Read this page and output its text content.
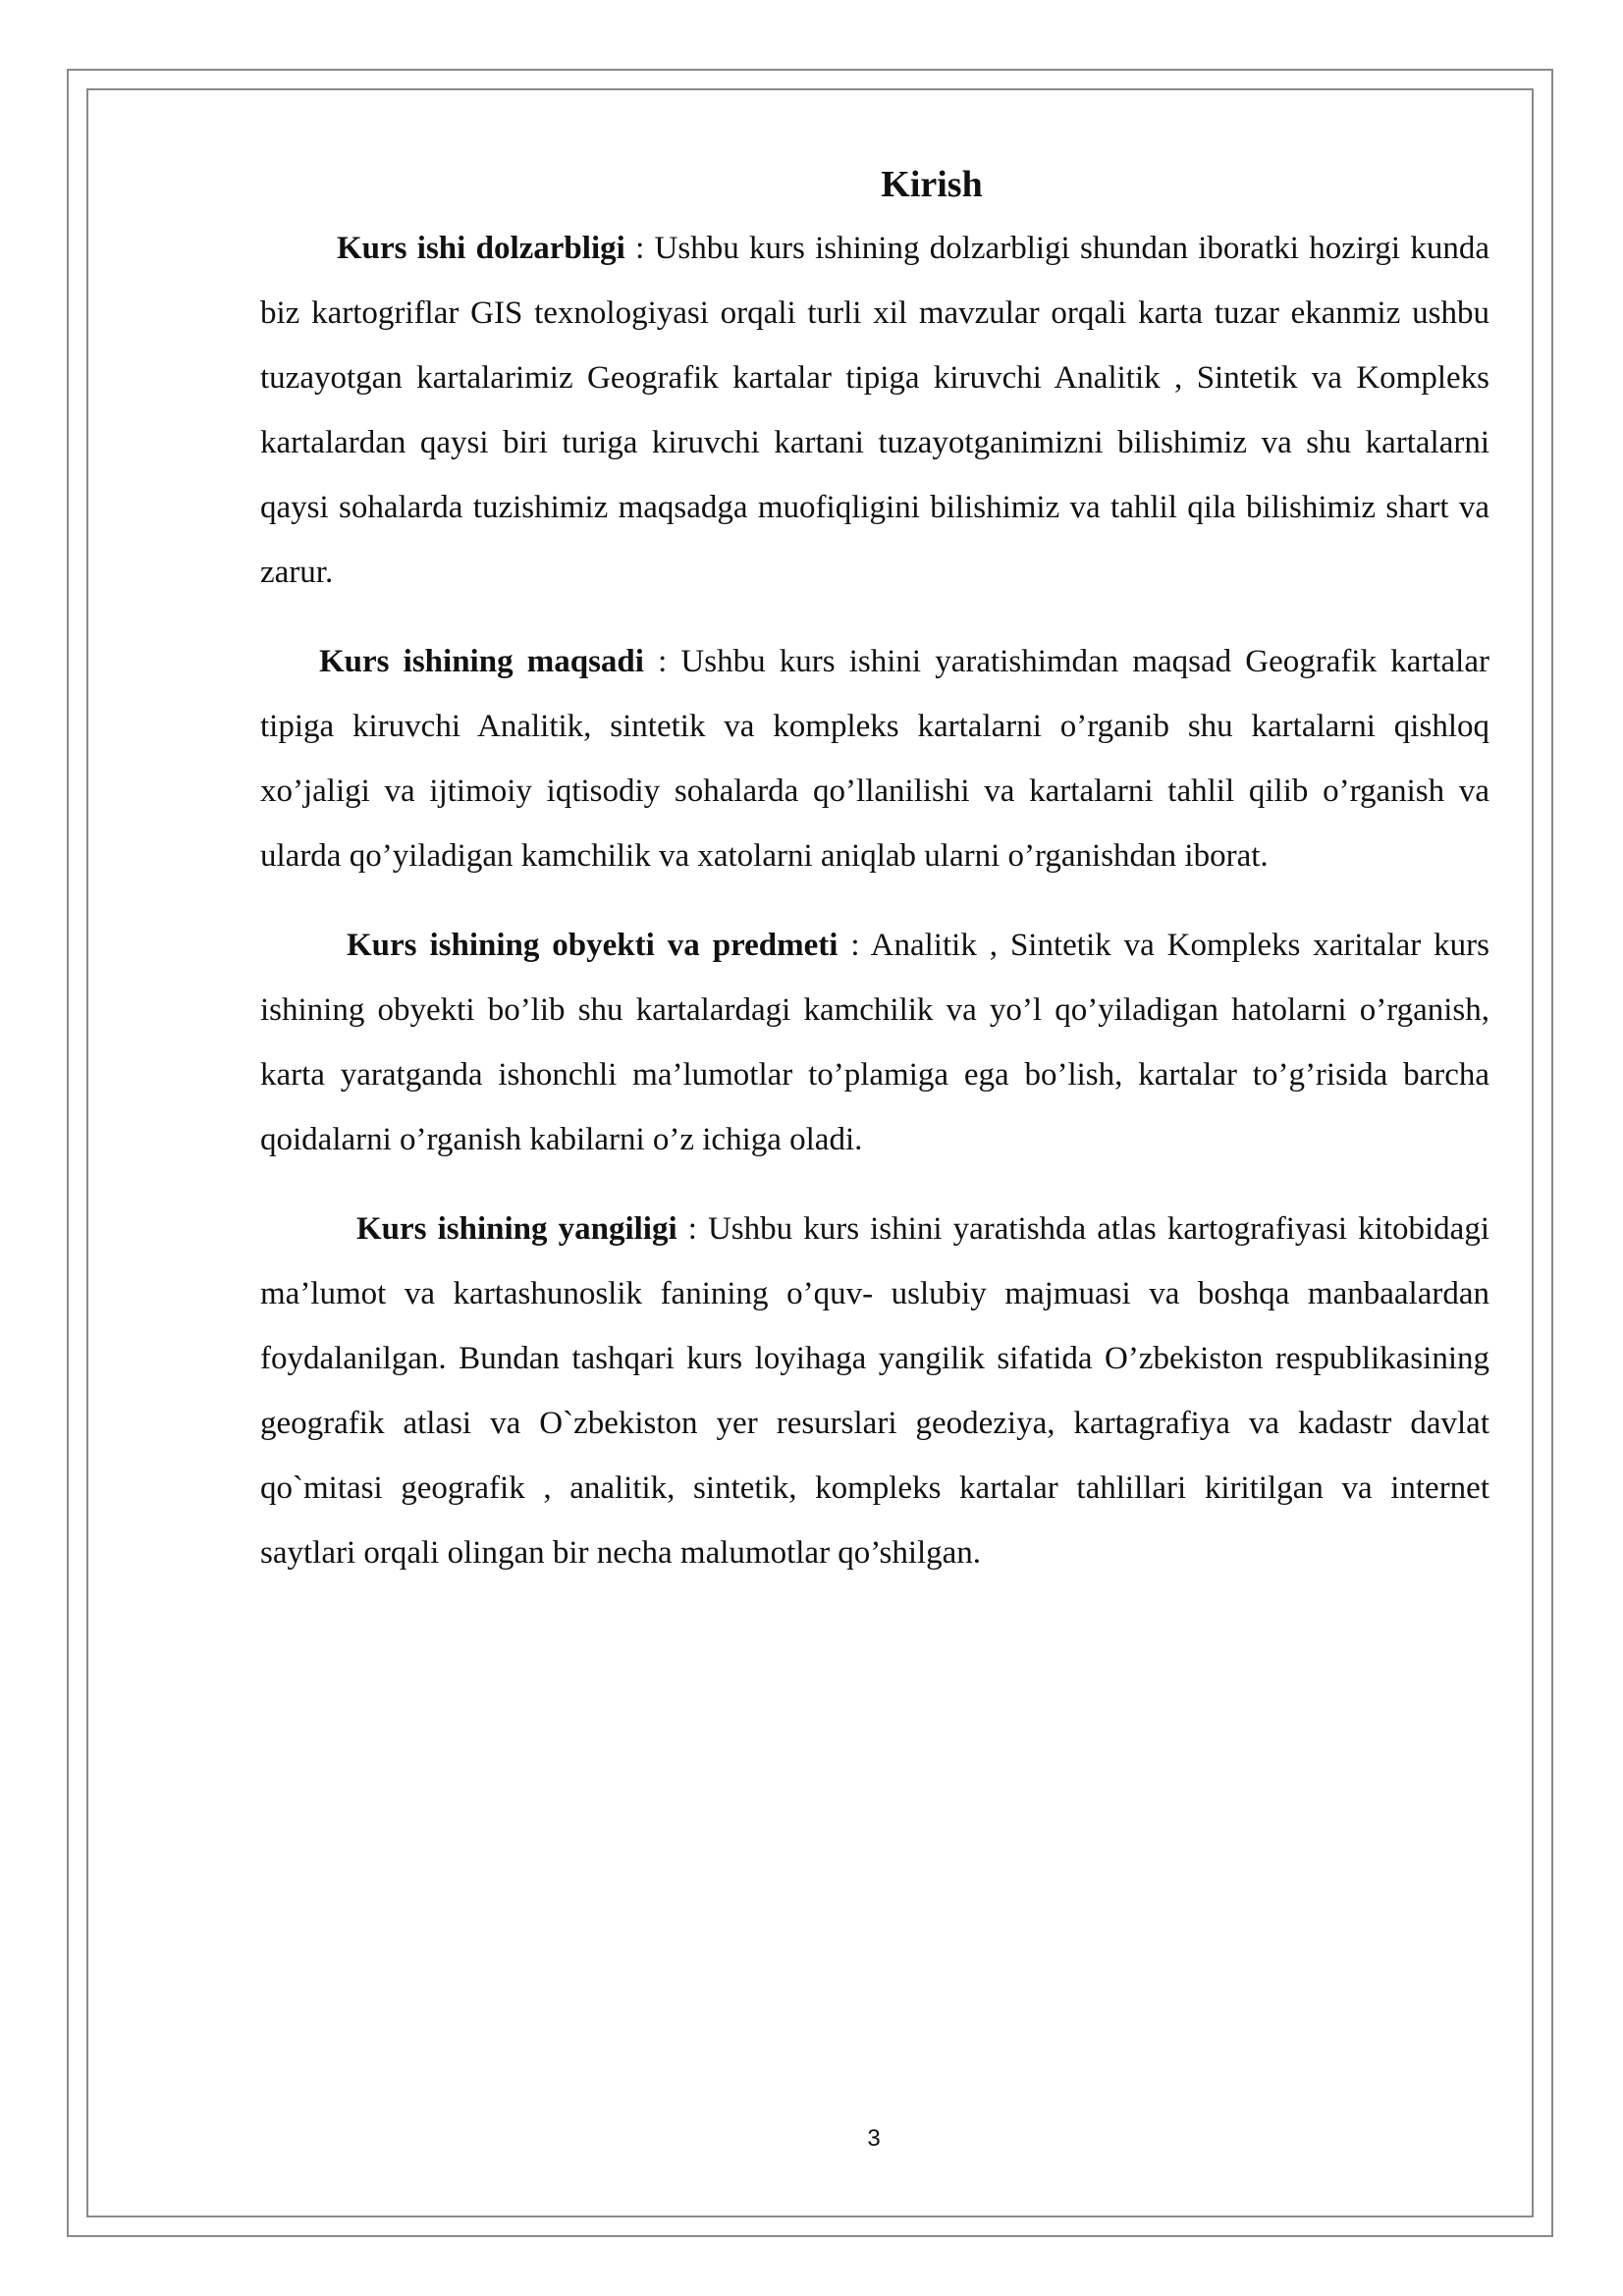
Kirish

Kurs ishi dolzarbligi : Ushbu kurs ishining dolzarbligi shundan iboratki hozirgi kunda biz kartogriflar GIS texnologiyasi orqali turli xil mavzular orqali karta tuzar ekanmiz ushbu tuzayotgan kartalarimiz Geografik kartalar tipiga kiruvchi Analitik , Sintetik va Kompleks kartalardan qaysi biri turiga kiruvchi kartani tuzayotganimizni bilishimiz va shu kartalarni qaysi sohalarda tuzishimiz maqsadga muofiqligini bilishimiz va tahlil qila bilishimiz shart va zarur.

Kurs ishining maqsadi : Ushbu kurs ishini yaratishimdan maqsad Geografik kartalar tipiga kiruvchi Analitik, sintetik va kompleks kartalarni o’rganib shu kartalarni qishloq xo’jaligi va ijtimoiy iqtisodiy sohalarda qo’llanilishi va kartalarni tahlil qilib o’rganish va ularda qo’yiladigan kamchilik va xatolarni aniqlab ularni o’rganishdan iborat.

Kurs ishining obyekti va predmeti : Analitik , Sintetik va Kompleks xaritalar kurs ishining obyekti bo’lib shu kartalardagi kamchilik va yo’l qo’yiladigan hatolarni o’rganish, karta yaratganda ishonchli ma’lumotlar to’plamiga ega bo’lish, kartalar to’g’risida barcha qoidalarni o’rganish kabilarni o’z ichiga oladi.

Kurs ishining yangiligi : Ushbu kurs ishini yaratishda atlas kartografiyasi kitobidagi ma’lumot va kartashunoslik fanining o’quv- uslubiy majmuasi va boshqa manbaalardan foydalanilgan. Bundan tashqari kurs loyihaga yangilik sifatida O’zbekiston respublikasining geografik atlasi va O`zbekiston yer resurslari geodeziya, kartagrafiya va kadastr davlat qo`mitasi geografik , analitik, sintetik, kompleks kartalar tahlillari kiritilgan va internet saytlari orqali olingan bir necha malumotlar qo’shilgan.

3
